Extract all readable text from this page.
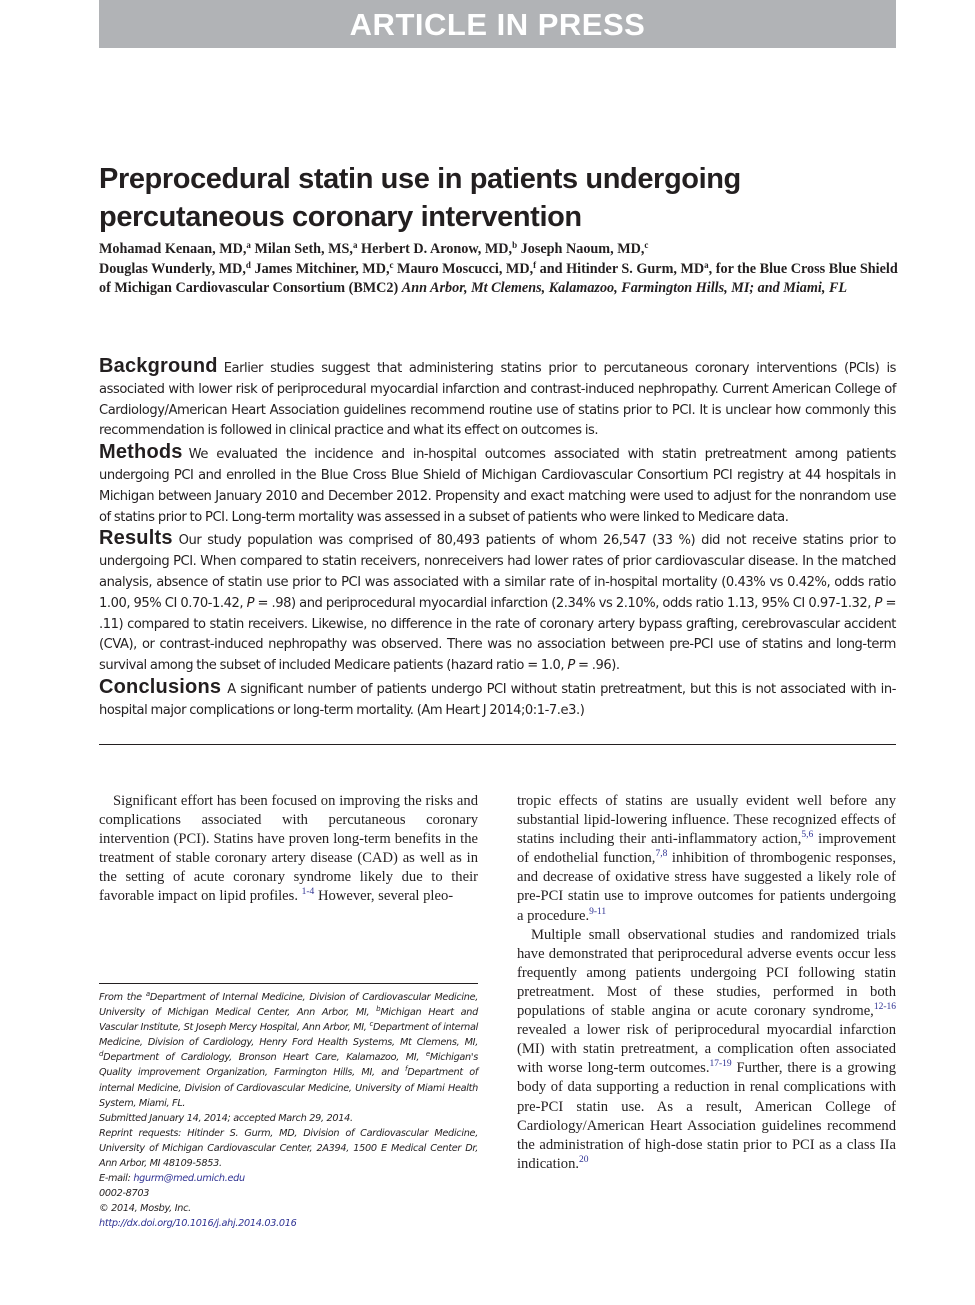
ARTICLE IN PRESS
Preprocedural statin use in patients undergoing percutaneous coronary intervention
Mohamad Kenaan, MD,$^a$ Milan Seth, MS,$^a$ Herbert D. Aronow, MD,$^b$ Joseph Naoum, MD,$^c$
Douglas Wunderly, MD,$^d$ James Mitchiner, MD,$^c$ Mauro Moscucci, MD,$^f$ and Hitinder S. Gurm, $MD^a$, for the Blue Cross Blue Shield of Michigan Cardiovascular Consortium (BMC2) Ann Arbor, Mt Clemens, Kalamazoo, Farmington Hills, MI; and Miami, FL

Background Earlier studies suggest that administering statins prior to percutaneous coronary interventions (PCIs) is associated with lower risk of periprocedural myocardial infarction and contrast-induced nephropathy. Current American College of Cardiology/American Heart Association guidelines recommend routine use of statins prior to PCI. It is unclear how commonly this recommendation is followed in clinical practice and what its effect on outcomes is.

Methods We evaluated the incidence and in-hospital outcomes associated with statin pretreatment among patients undergoing PCI and enrolled in the Blue Cross Blue Shield of Michigan Cardiovascular Consortium PCI registry at 44 hospitals in Michigan between January 2010 and December 2012. Propensity and exact matching were used to adjust for the nonrandom use of statins prior to PCI. Long-term mortality was assessed in a subset of patients who were linked to Medicare data.

Results Our study population was comprised of 80,493 patients of whom 26,547 (33 %) did not receive statins prior to undergoing PCI. When compared to statin receivers, nonreceivers had lower rates of prior cardiovascular disease. In the matched analysis, absence of statin use prior to PCI was associated with a similar rate of in-hospital mortality (0.43% vs 0.42%, odds ratio 1.00, 95% CI 0.70-1.42, P = .98) and periprocedural myocardial infarction (2.34% vs 2.10%, odds ratio 1.13, 95% CI 0.97-1.32, P = .11) compared to statin receivers. Likewise, no difference in the rate of coronary artery bypass grafting, cerebrovascular accident (CVA), or contrast-induced nephropathy was observed. There was no association between pre-PCI use of statins and long-term survival among the subset of included Medicare patients (hazard ratio = 1.0, P = .96).

Conclusions A significant number of patients undergo PCI without statin pretreatment, but this is not associated with in-hospital major complications or long-term mortality. (Am Heart J 2014;0:1-7.e3.)

Significant effort has been focused on improving the risks and complications associated with percutaneous coronary intervention (PCI). Statins have proven long-term benefits in the treatment of stable coronary artery disease (CAD) as well as in the setting of acute coronary syndrome likely due to their favorable impact on lipid profiles. $^{1-4}$ However, several pleo-

tropic effects of statins are usually evident well before any substantial lipid-lowering influence. These recognized effects of statins including their anti-inflammatory action,$^{5,6}$ improvement of endothelial function,$^{7,8}$ inhibition of thrombogenic responses, and decrease of oxidative stress have suggested a likely role of pre-PCI statin use to improve outcomes for patients undergoing a procedure.$^{9-11}$

Multiple small observational studies and randomized trials have demonstrated that periprocedural adverse events occur less frequently among patients undergoing PCI following statin pretreatment. Most of these studies, performed in both populations of stable angina or acute coronary syndrome,$^{12-16}$ revealed a lower risk of periprocedural myocardial infarction (MI) with statin pretreatment, a complication often associated with worse long-term outcomes.$^{17-19}$ Further, there is a growing body of data supporting a reduction in renal complications with pre-PCI statin use. As a result, American College of Cardiology/American Heart Association guidelines recommend the administration of high-dose statin prior to PCI as a class IIa indication.$^{20}$

From the $^a$Department of Internal Medicine, Division of Cardiovascular Medicine, University of Michigan Medical Center, Ann Arbor, MI, $^b$Michigan Heart and Vascular Institute, St Joseph Mercy Hospital, Ann Arbor, MI, $^c$Department of internal Medicine, Division of Cardiology, Henry Ford Health Systems, Mt Clemens, MI, $^d$Department of Cardiology, Bronson Heart Care, Kalamazoo, MI, $^e$Michigan's Quality improvement Organization, Farmington Hills, MI, and $^f$Department of internal Medicine, Division of Cardiovascular Medicine, University of Miami Health System, Miami, FL.

Submitted January 14, 2014; accepted March 29, 2014.

Reprint requests: Hitinder S. Gurm, MD, Division of Cardiovascular Medicine, University of Michigan Cardiovascular Center, 2A394, 1500 E Medical Center Dr, Ann Arbor, MI 48109-5853.

E-mail: hgurm@med.umich.edu

0002-8703

© 2014, Mosby, Inc.

http://dx.doi.org/10.1016/j.ahj.2014.03.016
